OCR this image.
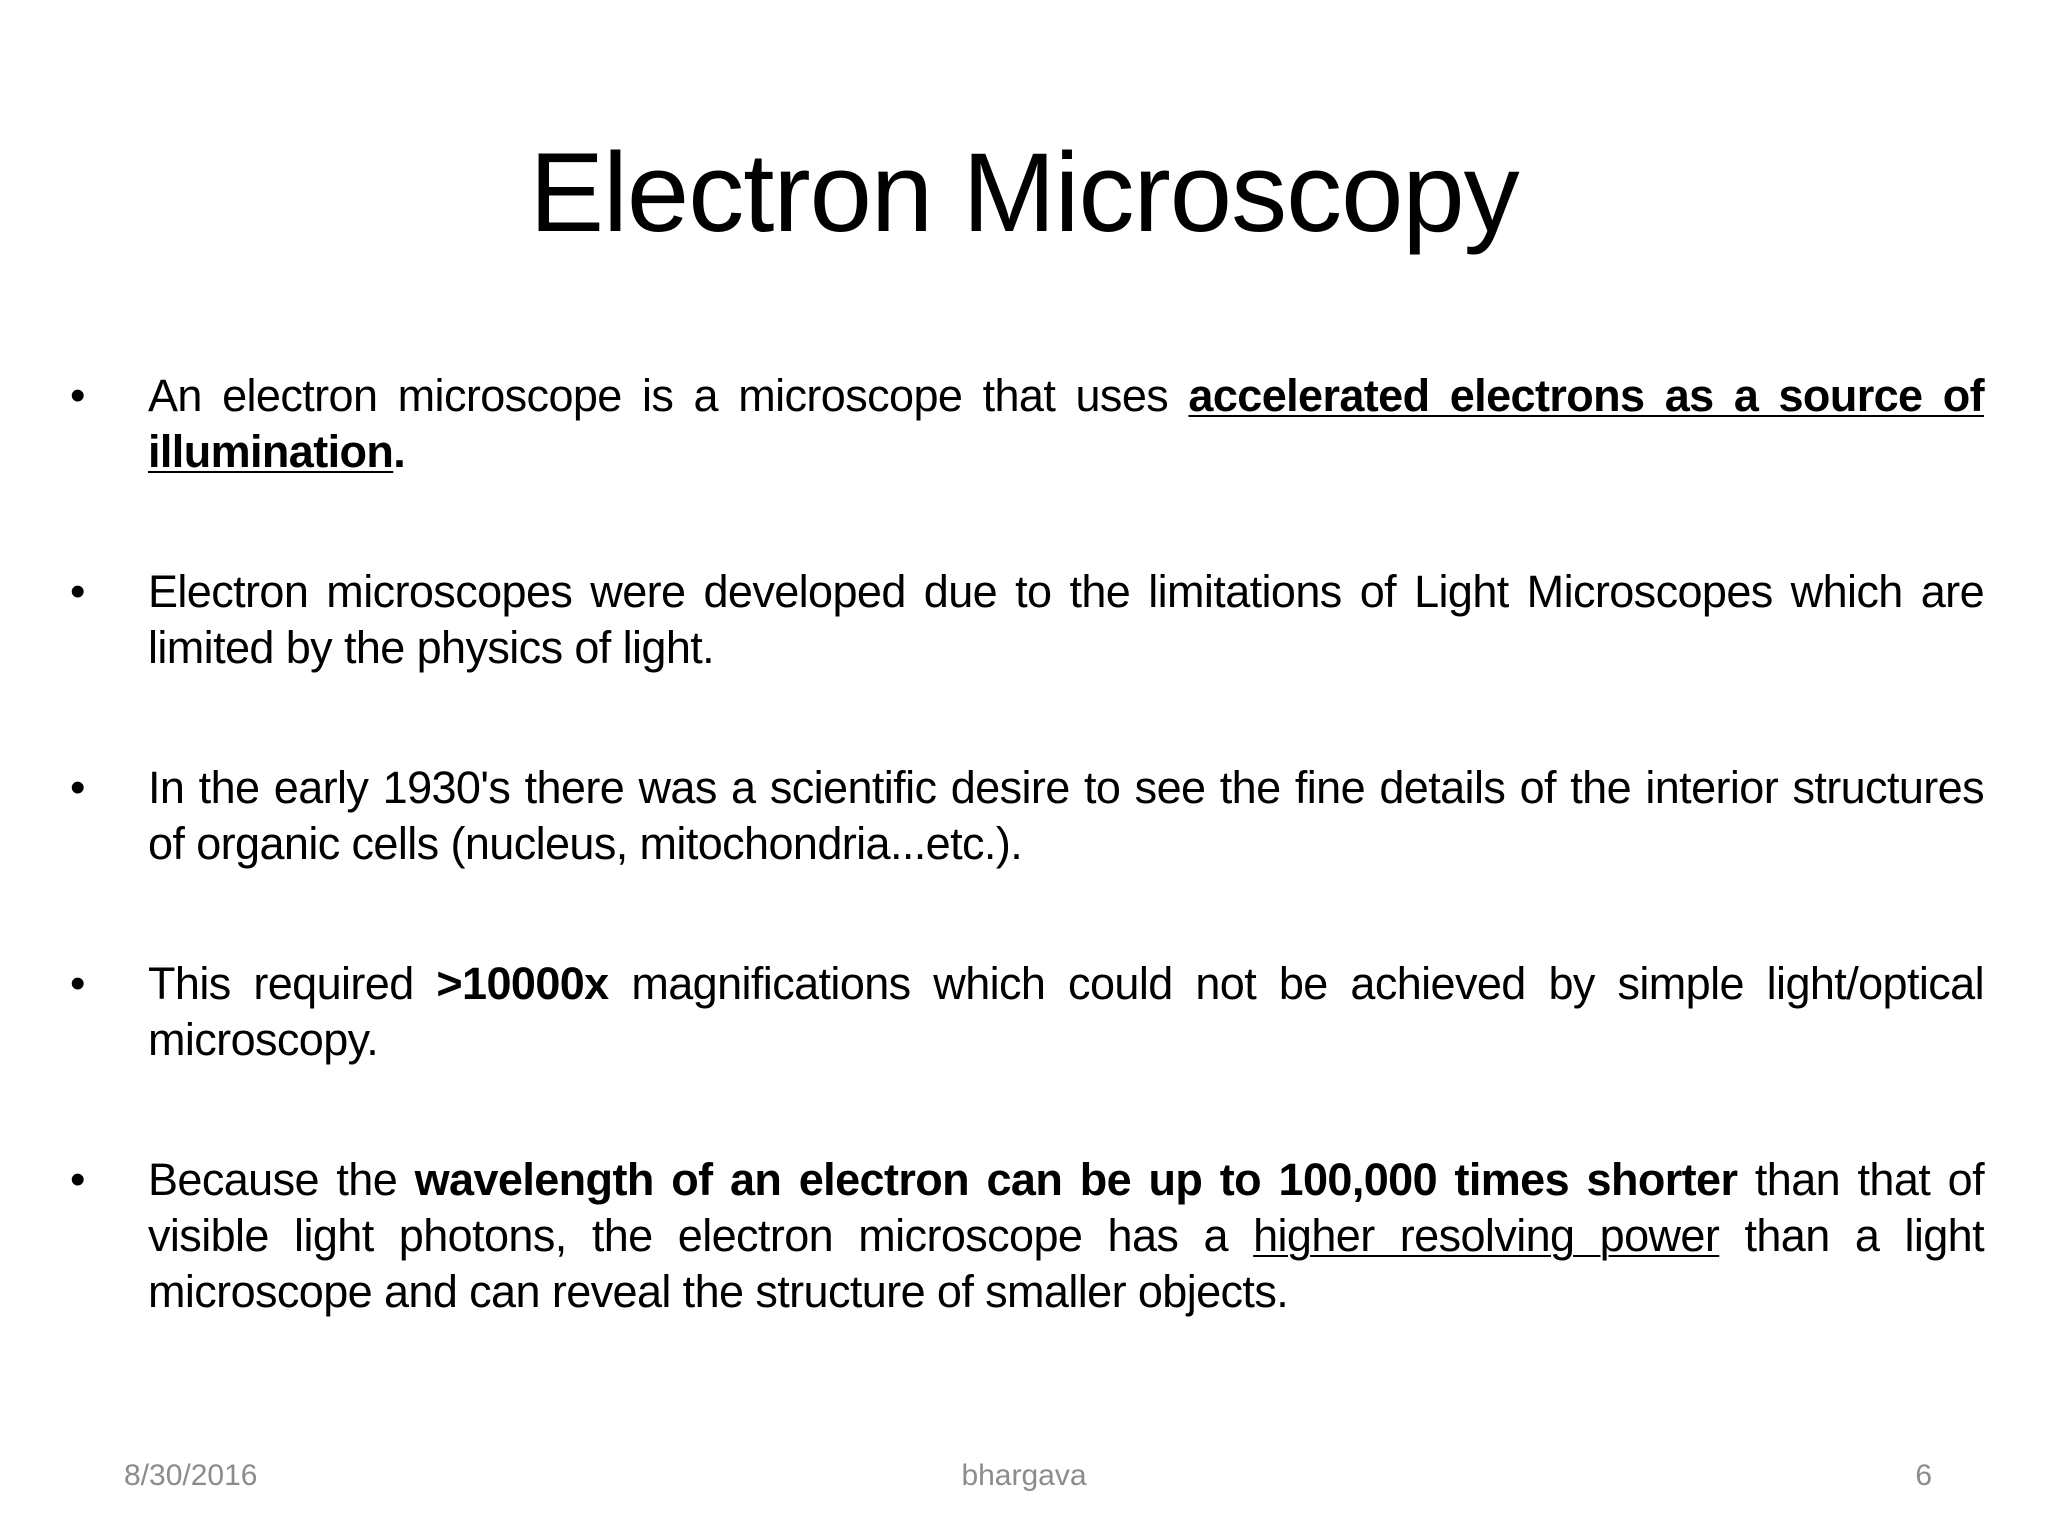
Electron Microscopy
• An electron microscope is a microscope that uses accelerated electrons as a source of illumination.
• Electron microscopes were developed due to the limitations of Light Microscopes which are limited by the physics of light.
• In the early 1930's there was a scientific desire to see the fine details of the interior structures of organic cells (nucleus, mitochondria...etc.).
• This required >10000x magnifications which could not be achieved by simple light/optical microscopy.
• Because the wavelength of an electron can be up to 100,000 times shorter than that of visible light photons, the electron microscope has a higher resolving power than a light microscope and can reveal the structure of smaller objects.
8/30/2016	bhargava	6
